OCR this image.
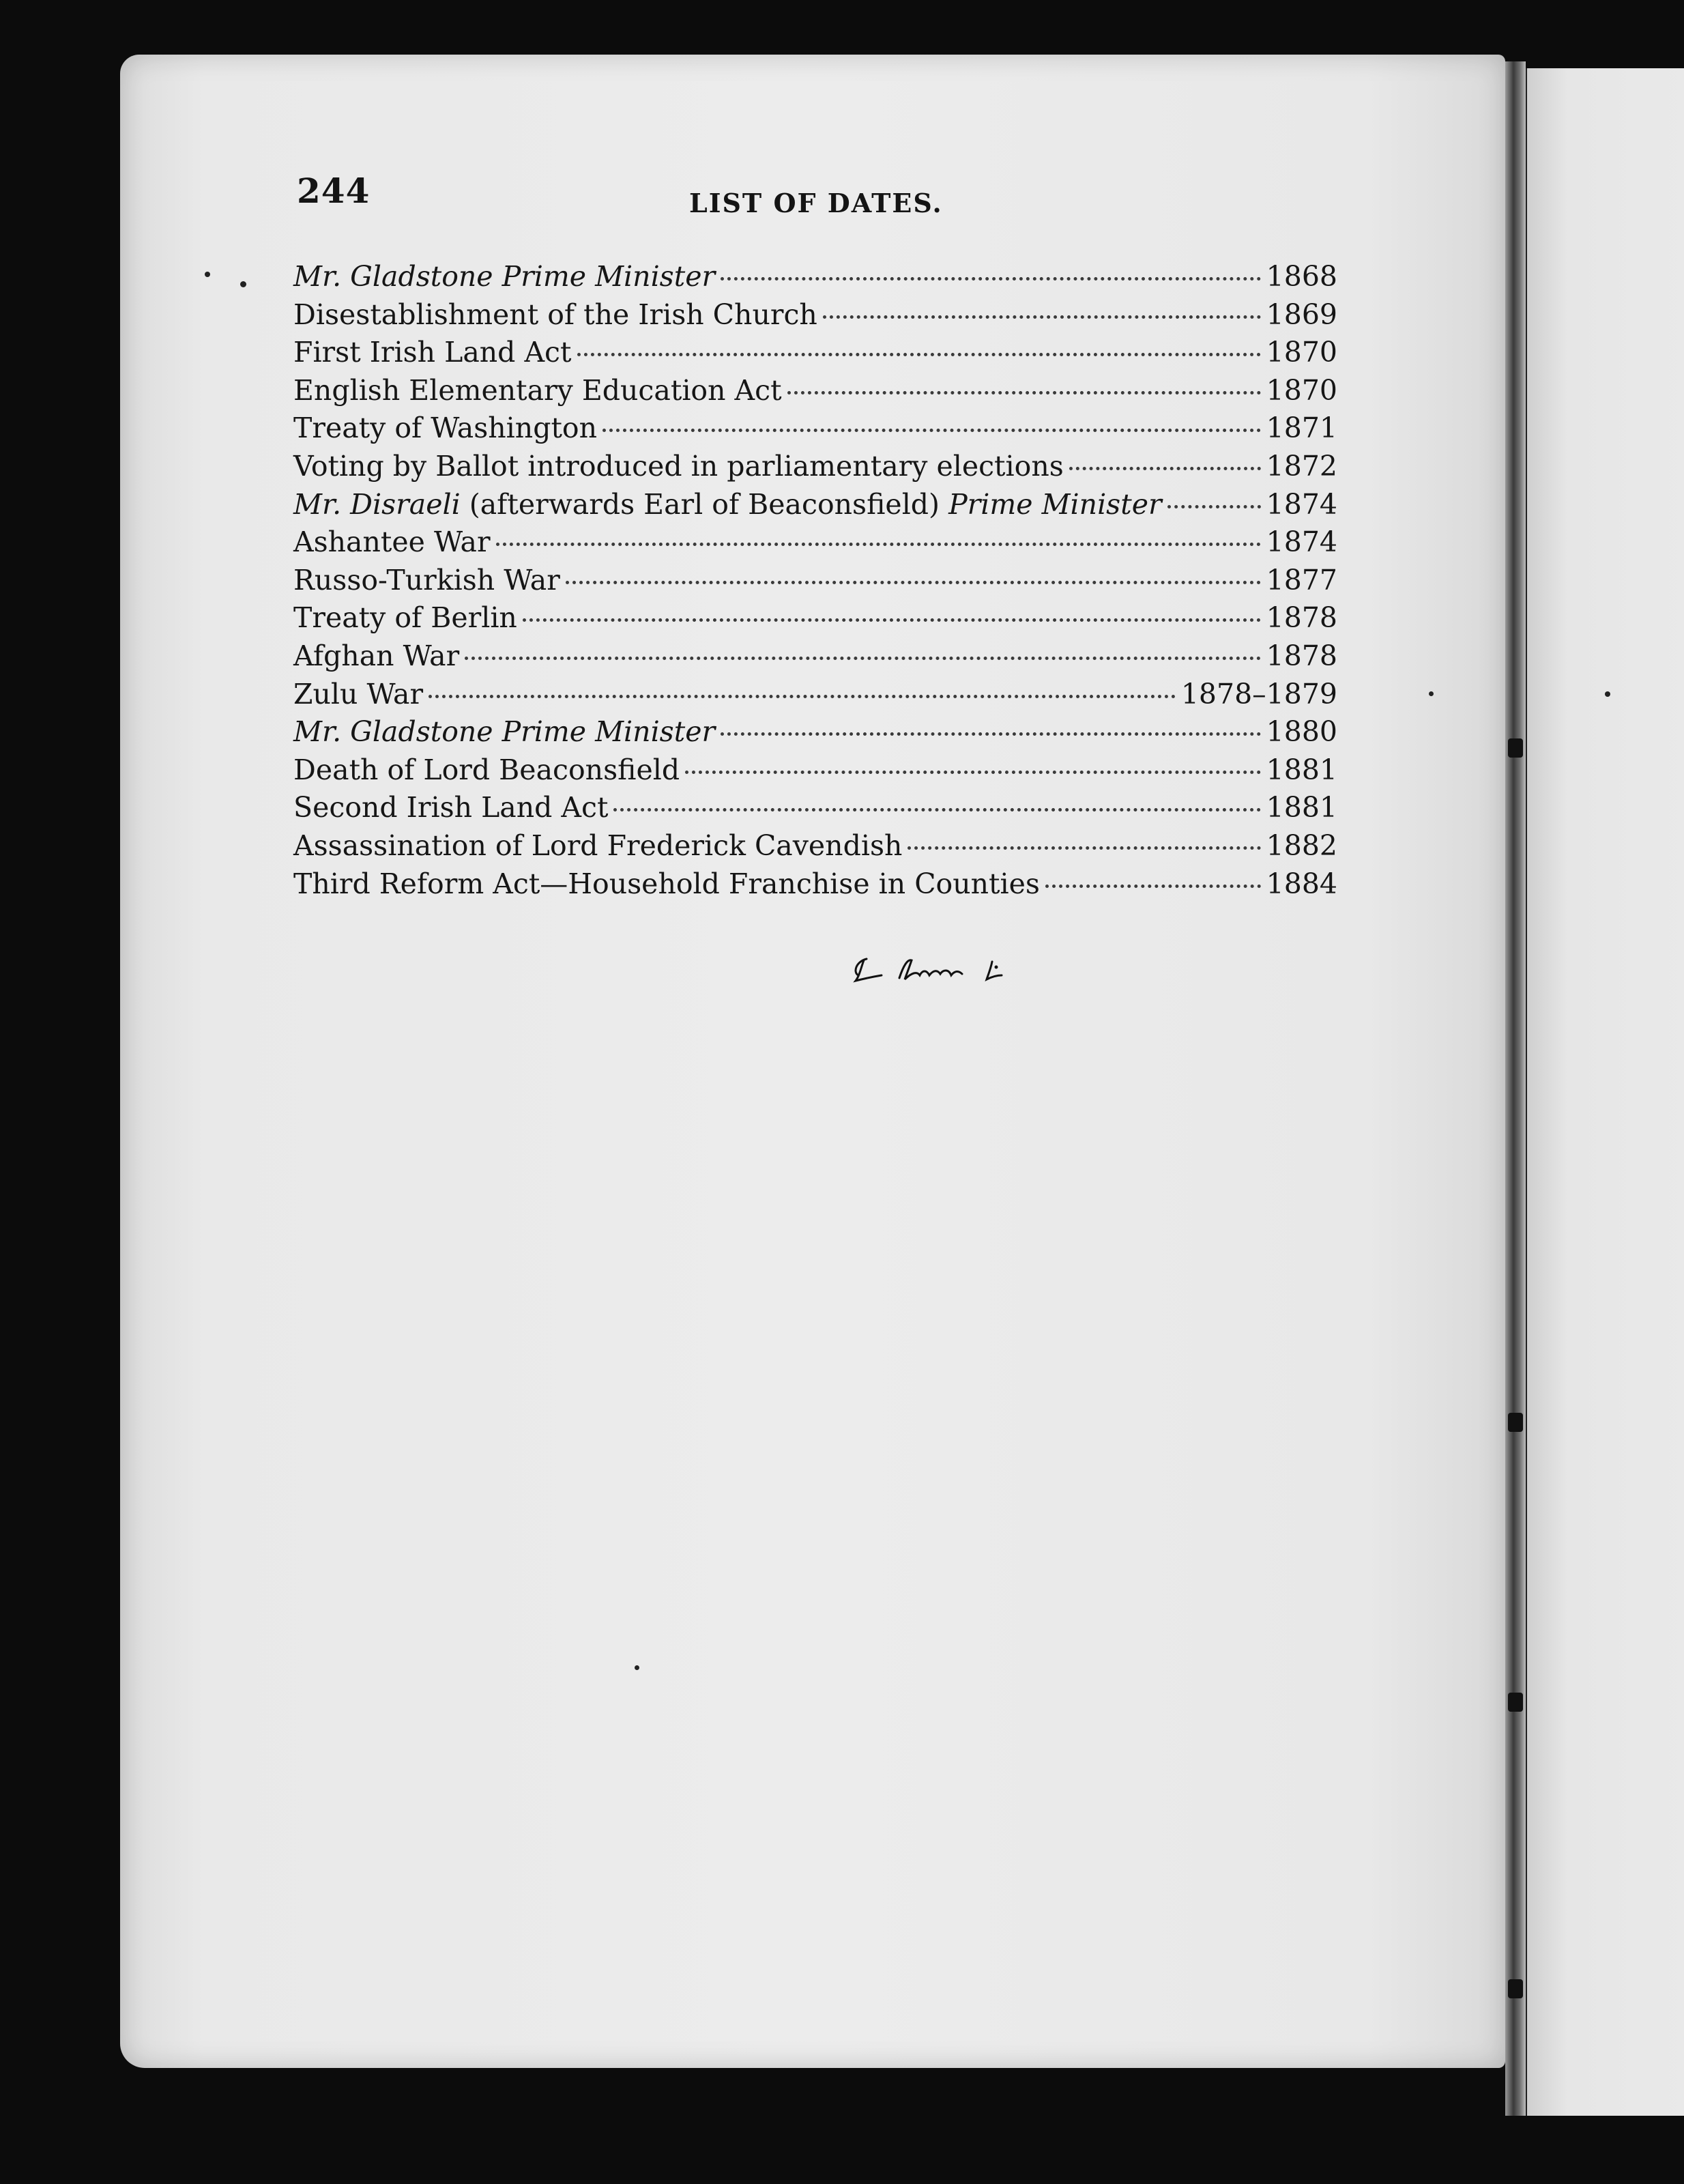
244	LIST OF DATES.
Mr. Gladstone Prime Minister	1868
Disestablishment of the Irish Church	1869
First Irish Land Act	1870
English Elementary Education Act	1870
Treaty of Washington	1871
Voting by Ballot introduced in parliamentary elections	1872
Mr. Disraeli (afterwards Earl of Beaconsfield) Prime Minister	1874
Ashantee War	1874
Russo-Turkish War	1877
Treaty of Berlin	1878
Afghan War	1878
Zulu War	1878–1879
Mr. Gladstone Prime Minister	1880
Death of Lord Beaconsfield	1881
Second Irish Land Act	1881
Assassination of Lord Frederick Cavendish	1882
Third Reform Act—Household Franchise in Counties	1884
